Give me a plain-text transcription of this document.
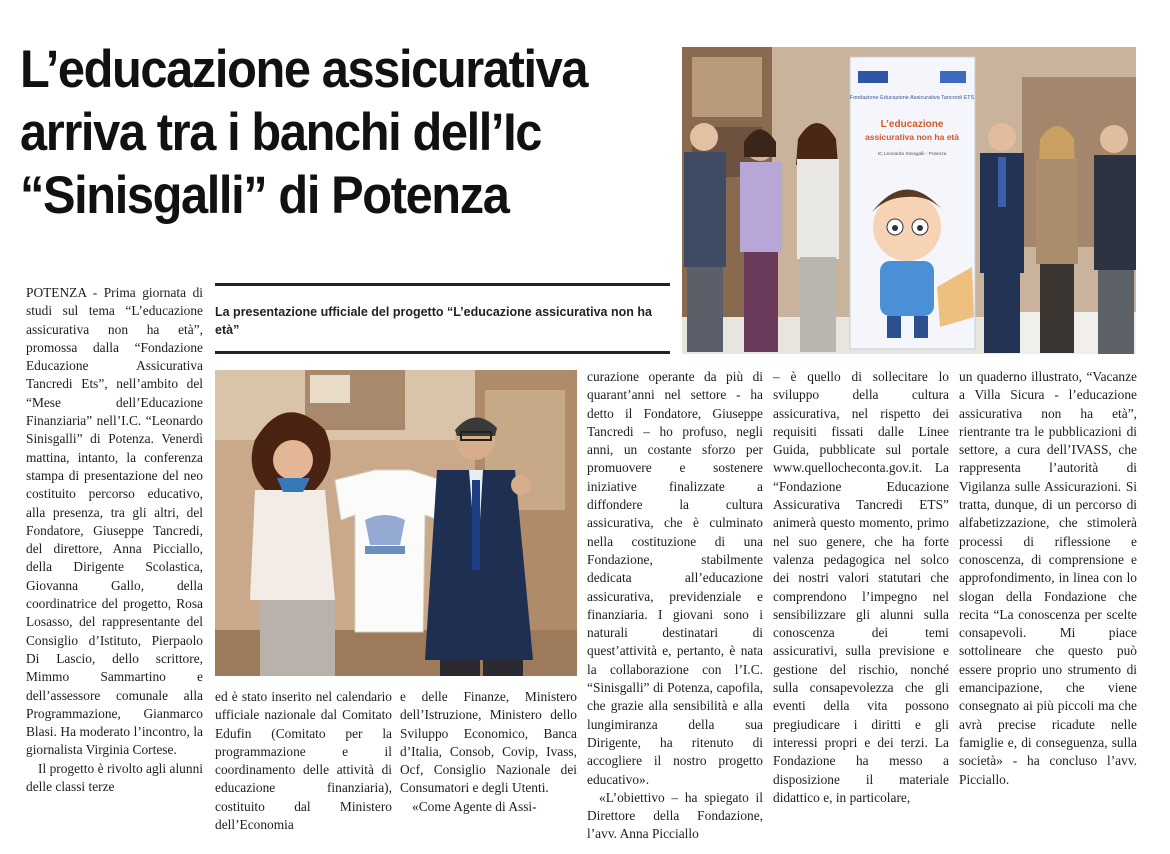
L’educazione assicurativa
arriva tra i banchi dell’Ic
“Sinisgalli” di Potenza

La presentazione ufficiale del progetto “L’educazione assicurativa non ha età”

Fondazione Educazione Assicurativa Tancredi ETS
L’educazione
assicurativa non ha età
IC Leonardo Sinisgalli - Potenza

POTENZA - Prima giornata di studi sul tema “L’educazione assicurativa non ha età”, promossa dalla “Fondazione Educazione Assicurativa Tancredi Ets”, nell’ambito del “Mese dell’Educazione Finanziaria” nell’I.C. “Leonardo Sinisgalli” di Potenza. Venerdì mattina, intanto, la conferenza stampa di presentazione del neo costituito percorso educativo, alla presenza, tra gli altri, del Fondatore, Giuseppe Tancredi, del direttore, Anna Picciallo, della Dirigente Scolastica, Giovanna Gallo, della coordinatrice del progetto, Rosa Losasso, del rappresentante del Consiglio d’Istituto, Pierpaolo Di Lascio, dello scrittore, Mimmo Sammartino e dell’assessore comunale alla Programmazione, Gianmarco Blasi. Ha moderato l’incontro, la giornalista Virginia Cortese.

Il progetto è rivolto agli alunni delle classi terze

ed è stato inserito nel calendario ufficiale nazionale dal Comitato Edufin (Comitato per la programmazione e il coordinamento delle attività di educazione finanziaria), costituito dal Ministero dell’Economia

e delle Finanze, Ministero dell’Istruzione, Ministero dello Sviluppo Economico, Banca d’Italia, Consob, Covip, Ivass, Ocf, Consiglio Nazionale dei Consumatori e degli Utenti.

«Come Agente di Assi-

curazione operante da più di quarant’anni nel settore - ha detto il Fondatore, Giuseppe Tancredi – ho profuso, negli anni, un costante sforzo per promuovere e sostenere iniziative finalizzate a diffondere la cultura assicurativa, che è culminato nella costituzione di una Fondazione, stabilmente dedicata all’educazione assicurativa, previdenziale e finanziaria. I giovani sono i naturali destinatari di quest’attività e, pertanto, è nata la collaborazione con l’I.C. “Sinisgalli” di Potenza, capofila, che grazie alla sensibilità e alla lungimiranza della sua Dirigente, ha ritenuto di accogliere il nostro progetto educativo».

«L’obiettivo – ha spiegato il Direttore della Fondazione, l’avv. Anna Picciallo

– è quello di sollecitare lo sviluppo della cultura assicurativa, nel rispetto dei requisiti fissati dalle Linee Guida, pubblicate sul portale www.quellocheconta.gov.it. La “Fondazione Educazione Assicurativa Tancredi ETS” animerà questo momento, primo nel suo genere, che ha forte valenza pedagogica nel solco dei nostri valori statutari che comprendono l’impegno nel sensibilizzare gli alunni sulla conoscenza dei temi assicurativi, sulla previsione e gestione del rischio, nonché sulla consapevolezza che gli eventi della vita possono pregiudicare i diritti e gli interessi propri e dei terzi. La Fondazione ha messo a disposizione il materiale didattico e, in particolare,

un quaderno illustrato, “Vacanze a Villa Sicura - l’educazione assicurativa non ha età”, rientrante tra le pubblicazioni di settore, a cura dell’IVASS, che rappresenta l’autorità di Vigilanza sulle Assicurazioni. Si tratta, dunque, di un percorso di alfabetizzazione, che stimolerà processi di riflessione e conoscenza, di comprensione e approfondimento, in linea con lo slogan della Fondazione che recita “La conoscenza per scelte consapevoli. Mi piace sottolineare che questo può essere proprio uno strumento di emancipazione, che viene consegnato ai più piccoli ma che avrà precise ricadute nelle famiglie e, di conseguenza, sulla società» - ha concluso l’avv. Picciallo.
